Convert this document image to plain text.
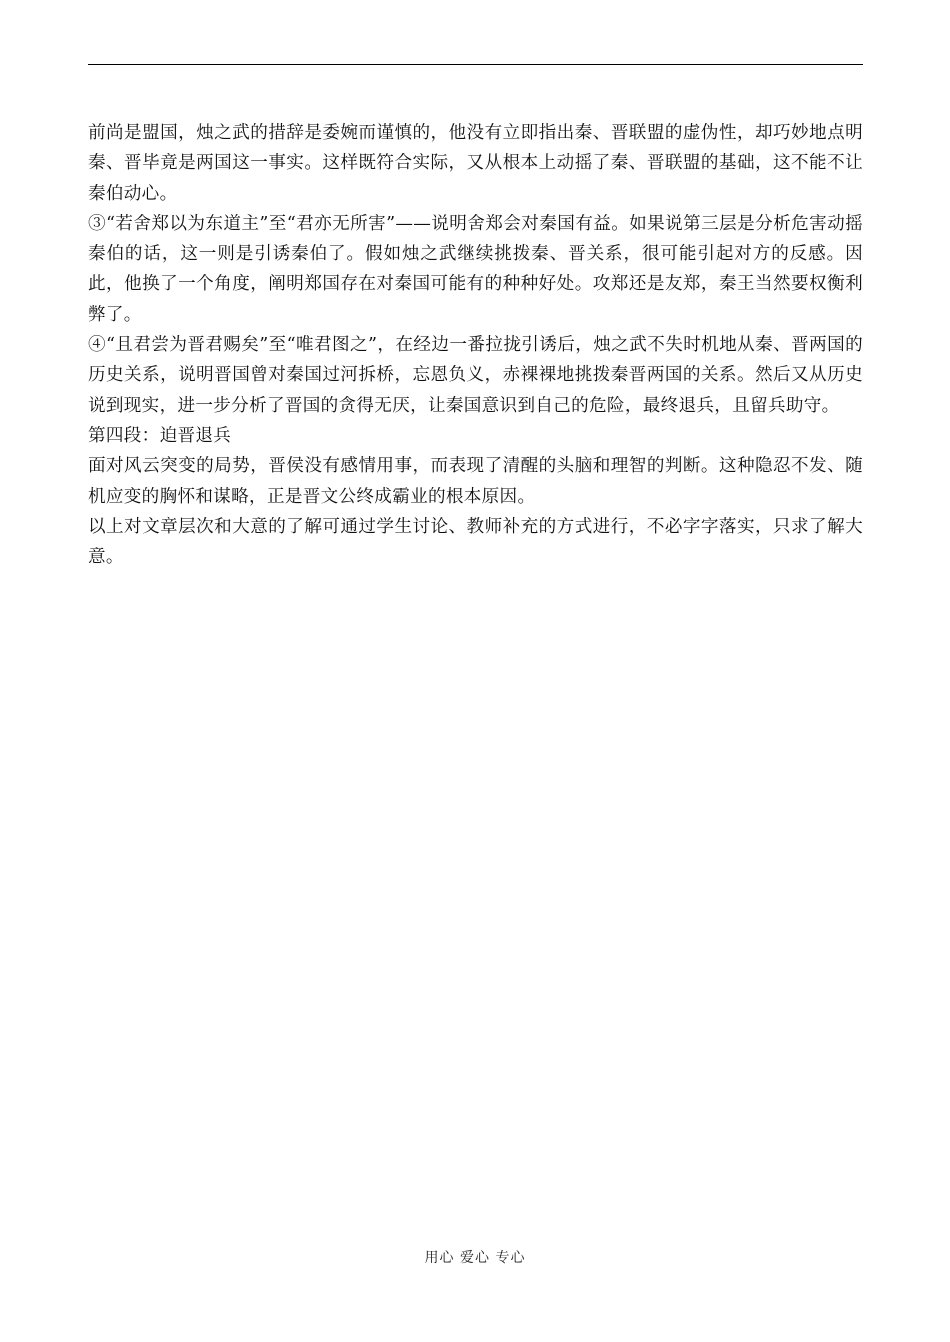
前尚是盟国，烛之武的措辞是委婉而谨慎的，他没有立即指出秦、晋联盟的虚伪性，却巧妙地点明秦、晋毕竟是两国这一事实。这样既符合实际，又从根本上动摇了秦、晋联盟的基础，这不能不让秦伯动心。

③“若舍郑以为东道主”至“君亦无所害”——说明舍郑会对秦国有益。如果说第三层是分析危害动摇秦伯的话，这一则是引诱秦伯了。假如烛之武继续挑拨秦、晋关系，很可能引起对方的反感。因此，他换了一个角度，阐明郑国存在对秦国可能有的种种好处。攻郑还是友郑，秦王当然要权衡利弊了。

④“且君尝为晋君赐矣”至“唯君图之”，在经边一番拉拢引诱后，烛之武不失时机地从秦、晋两国的历史关系，说明晋国曾对秦国过河拆桥，忘恩负义，赤裸裸地挑拨秦晋两国的关系。然后又从历史说到现实，进一步分析了晋国的贪得无厌，让秦国意识到自己的危险，最终退兵，且留兵助守。

第四段：迫晋退兵

面对风云突变的局势，晋侯没有感情用事，而表现了清醒的头脑和理智的判断。这种隐忍不发、随机应变的胸怀和谋略，正是晋文公终成霸业的根本原因。

以上对文章层次和大意的了解可通过学生讨论、教师补充的方式进行，不必字字落实，只求了解大意。

用心 爱心 专心
